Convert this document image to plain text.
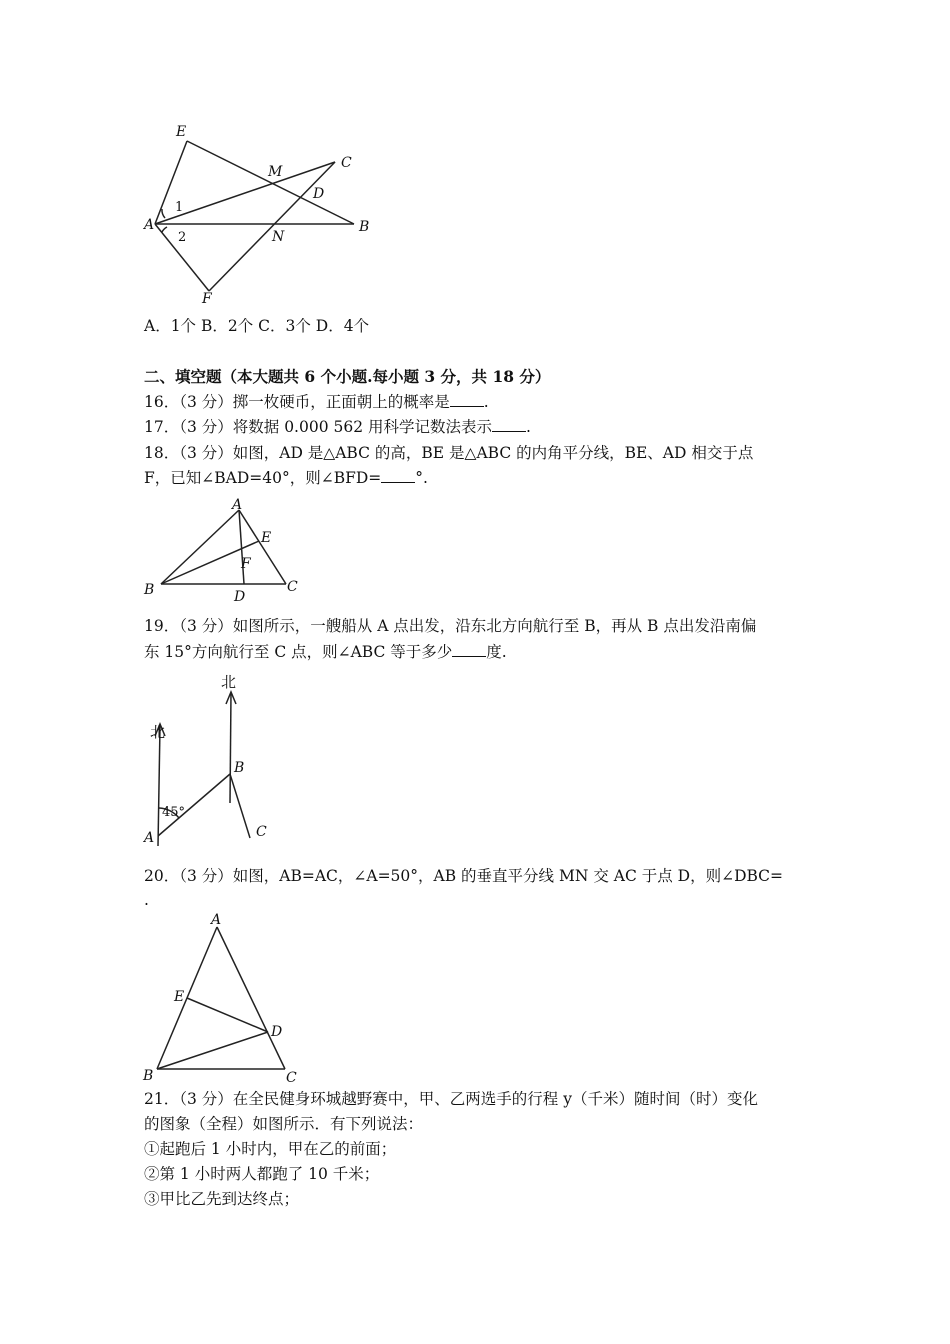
E
M
C
D
A	B
N
F
1
2
A．1个 B．2个 C．3个 D．4个
二、填空题（本大题共 6 个小题.每小题 3 分，共 18 分）
16．（3 分）掷一枚硬币，正面朝上的概率是 .
17．（3 分）将数据 0.000 562 用科学记数法表示 .
18．（3 分）如图，AD 是△ABC 的高，BE 是△ABC 的内角平分线，BE、AD 相交于点
F，已知∠BAD=40°，则∠BFD= °.
A
E
F
B	D
C
19．（3 分）如图所示，一艘船从 A 点出发，沿东北方向航行至 B，再从 B 点出发沿南偏
东 15°方向航行至 C 点，则∠ABC 等于多少 度.
北
北
45°
A
B
C
20．（3 分）如图，AB=AC，∠A=50°，AB 的垂直平分线 MN 交 AC 于点 D，则∠DBC=
.
A
E
D
B	C
21．（3 分）在全民健身环城越野赛中，甲、乙两选手的行程 y（千米）随时间（时）变化
的图象（全程）如图所示．有下列说法：
①起跑后 1 小时内，甲在乙的前面；
②第 1 小时两人都跑了 10 千米；
③甲比乙先到达终点；
